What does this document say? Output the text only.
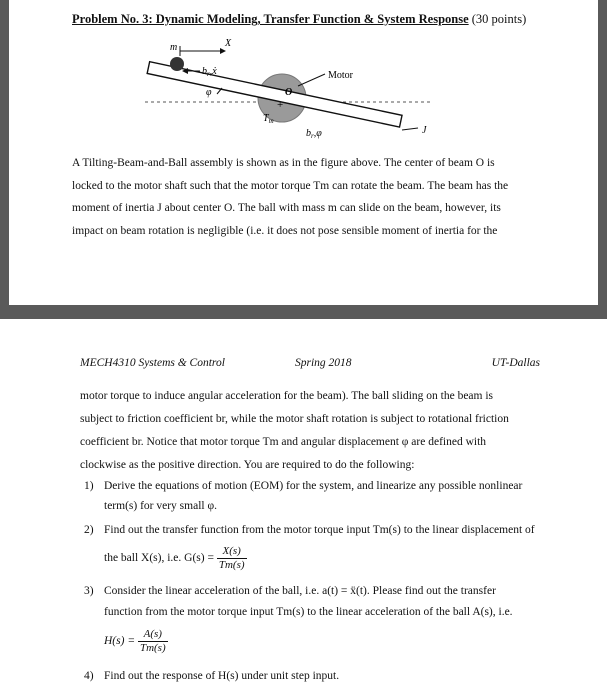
Problem No. 3: Dynamic Modeling, Transfer Function & System Response (30 points)
m	X
$b_r,ẋ$	Motor
O
+
φ
$T_m$
$b_r,\varphi$	J
A Tilting-Beam-and-Ball assembly is shown as in the figure above. The center of beam O is
locked to the motor shaft such that the motor torque Tm can rotate the beam. The beam has the
moment of inertia J about center O. The ball with mass m can slide on the beam, however, its
impact on beam rotation is negligible (i.e. it does not pose sensible moment of inertia for the
MECH4310 Systems & Control	Spring 2018	UT-Dallas
motor torque to induce angular acceleration for the beam). The ball sliding on the beam is
subject to friction coefficient br, while the motor shaft rotation is subject to rotational friction
coefficient br. Notice that motor torque Tm and angular displacement φ are defined with
clockwise as the positive direction. You are required to do the following:
1) Derive the equations of motion (EOM) for the system, and linearize any possible nonlinear
term(s) for very small φ.
2) Find out the transfer function from the motor torque input Tm(s) to the linear displacement of
the ball X(s), i.e. $G(s) = \frac{X(s)}{Tm(s)}$
3) Consider the linear acceleration of the ball, i.e. a(t) = ẍ(t). Please find out the transfer
function from the motor torque input Tm(s) to the linear acceleration of the ball A(s), i.e.
$H(s) = \frac{A(s)}{Tm(s)}$
4) Find out the response of H(s) under unit step input.
